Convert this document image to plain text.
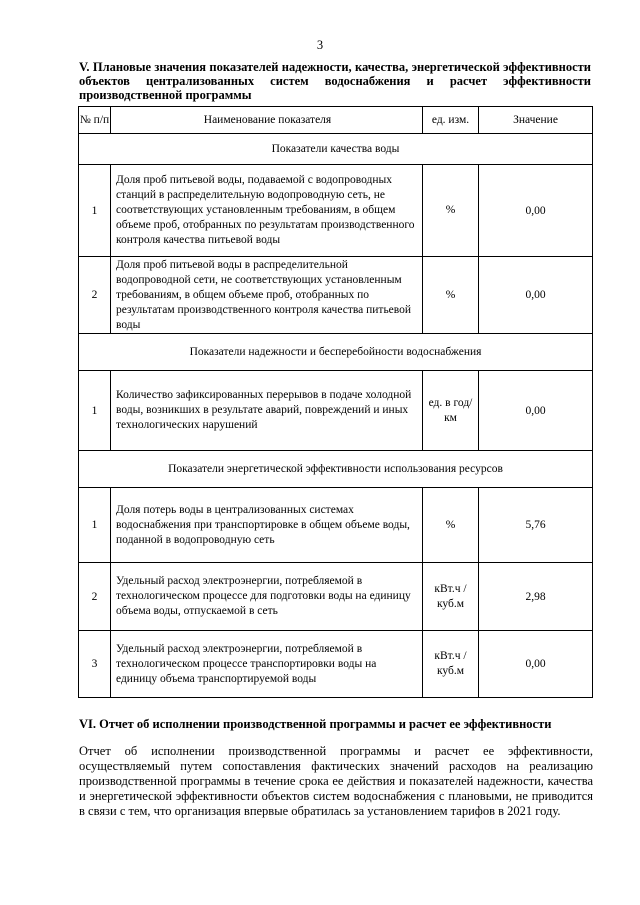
3
V. Плановые значения показателей надежности, качества, энергетической эффективности объектов централизованных систем водоснабжения и расчет эффективности производственной программы
№ п/п	Наименование показателя	ед. изм.	Значение
Показатели качества воды			
1	Доля проб питьевой воды, подаваемой с водопроводных станций в распределительную водопроводную сеть, не соответствующих установленным требованиям, в общем объеме проб, отобранных по результатам производственного контроля качества питьевой воды	%	0,00
2	Доля проб питьевой воды в распределительной водопроводной сети, не соответствующих установленным требованиям, в общем объеме проб, отобранных по результатам производственного контроля качества питьевой воды	%	0,00
Показатели надежности и бесперебойности водоснабжения			
1	Количество зафиксированных перерывов в подаче холодной воды, возникших в результате аварий, повреждений и иных технологических нарушений	ед. в год/ км	0,00
Показатели энергетической эффективности использования ресурсов			
1	Доля потерь воды в централизованных системах водоснабжения при транспортировке в общем объеме воды, поданной в водопроводную сеть	%	5,76
2	Удельный расход электроэнергии, потребляемой в технологическом процессе для подготовки воды на единицу объема воды, отпускаемой в сеть	кВт.ч / куб.м	2,98
3	Удельный расход электроэнергии, потребляемой в технологическом процессе транспортировки воды на единицу объема транспортируемой воды	кВт.ч / куб.м	0,00
VI. Отчет об исполнении производственной программы и расчет ее эффективности
Отчет об исполнении производственной программы и расчет ее эффективности, осуществляемый путем сопоставления фактических значений расходов на реализацию производственной программы в течение срока ее действия и показателей надежности, качества и энергетической эффективности объектов систем водоснабжения с плановыми, не приводится в связи с тем, что организация впервые обратилась за установлением тарифов в 2021 году.
